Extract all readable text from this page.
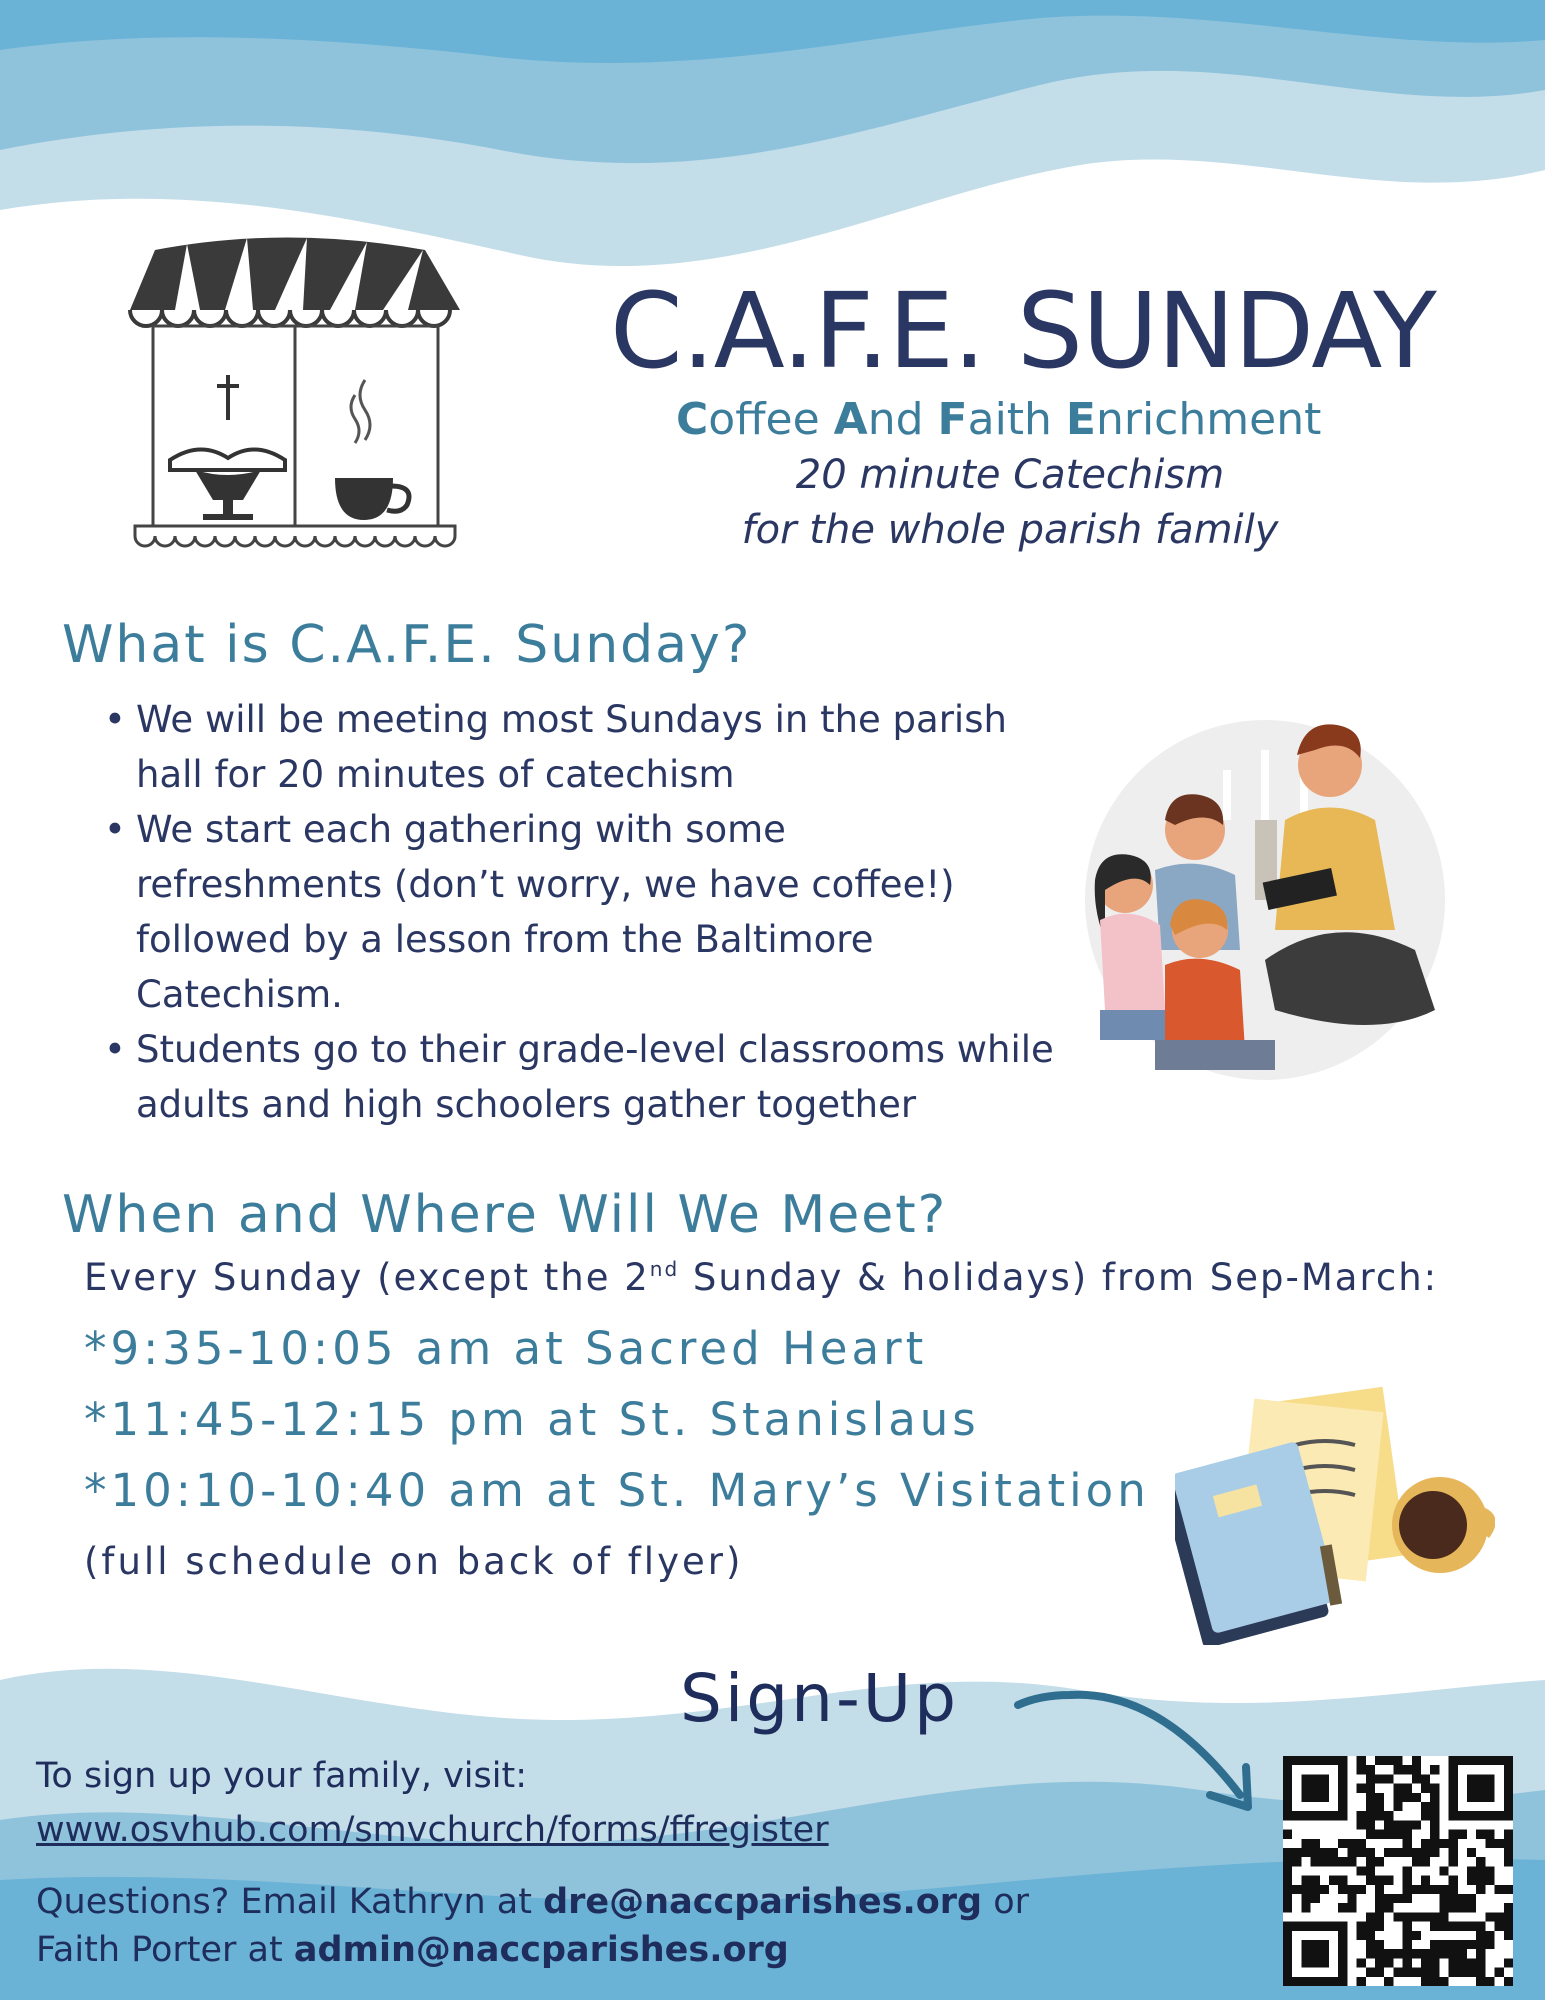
C.A.F.E. SUNDAY
Coffee And Faith Enrichment
20 minute Catechism
for the whole parish family
What is C.A.F.E. Sunday?
• We will be meeting most Sundays in the parish hall for 20 minutes of catechism
• We start each gathering with some refreshments (don’t worry, we have coffee!) followed by a lesson from the Baltimore Catechism.
• Students go to their grade-level classrooms while adults and high schoolers gather together
When and Where Will We Meet?
Every Sunday (except the 2nd Sunday & holidays) from Sep-March:
*9:35-10:05 am at Sacred Heart
*11:45-12:15 pm at St. Stanislaus
*10:10-10:40 am at St. Mary’s Visitation
(full schedule on back of flyer)
Sign-Up
To sign up your family, visit:
www.osvhub.com/smvchurch/forms/ffregister
Questions? Email Kathryn at dre@naccparishes.org or
Faith Porter at admin@naccparishes.org
